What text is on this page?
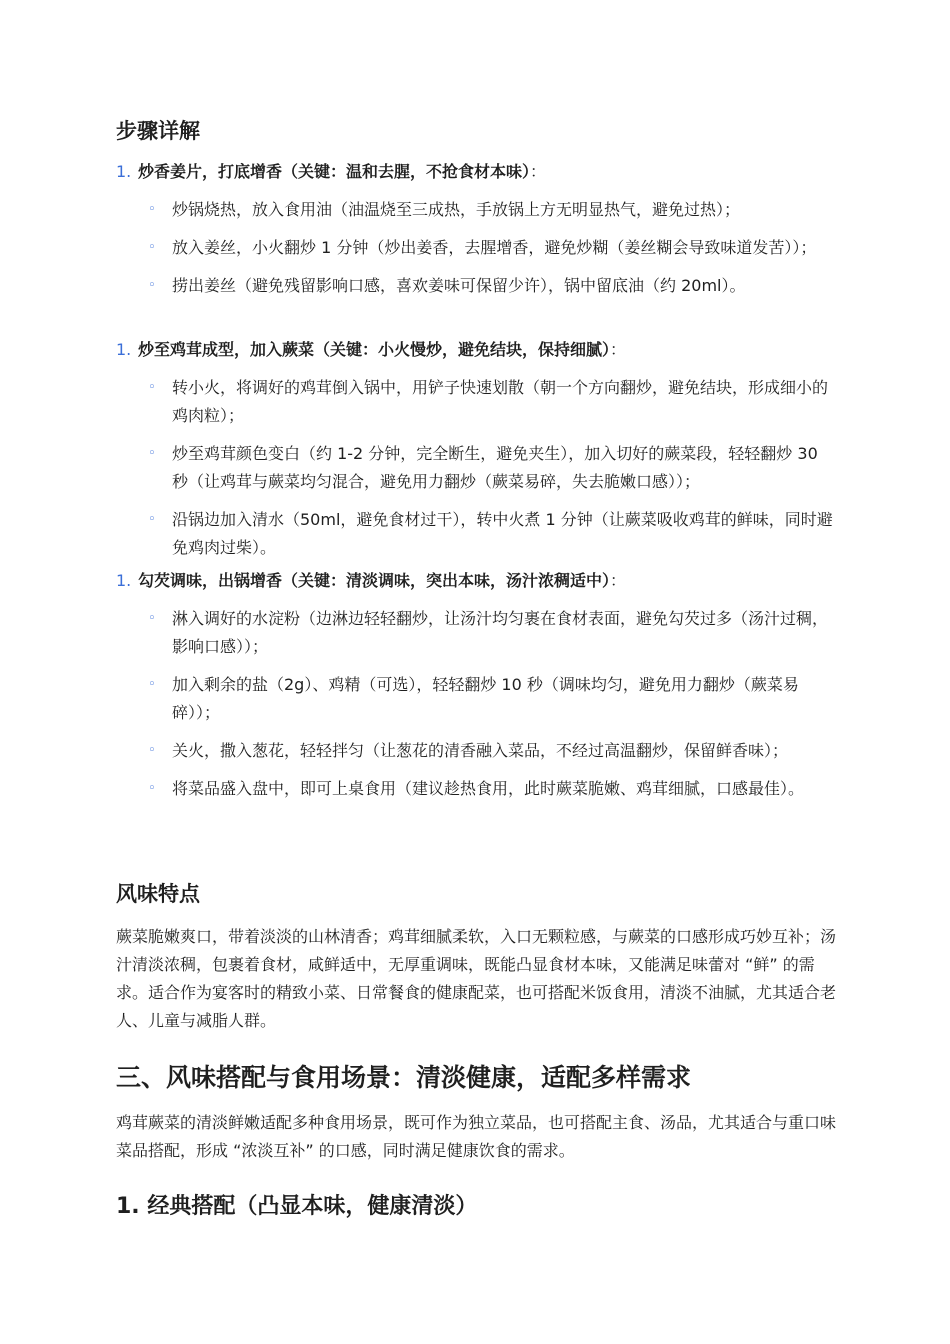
步骤详解
1. 炒香姜片，打底增香（关键：温和去腥，不抢食材本味）：
◦ 炒锅烧热，放入食用油（油温烧至三成热，手放锅上方无明显热气，避免过热）；
◦ 放入姜丝，小火翻炒 1 分钟（炒出姜香，去腥增香，避免炒糊（姜丝糊会导致味道发苦））；
◦ 捞出姜丝（避免残留影响口感，喜欢姜味可保留少许），锅中留底油（约 20ml）。
1. 炒至鸡茸成型，加入蕨菜（关键：小火慢炒，避免结块，保持细腻）：
◦ 转小火，将调好的鸡茸倒入锅中，用铲子快速划散（朝一个方向翻炒，避免结块，形成细小的鸡肉粒）；
◦ 炒至鸡茸颜色变白（约 1-2 分钟，完全断生，避免夹生），加入切好的蕨菜段，轻轻翻炒 30 秒（让鸡茸与蕨菜均匀混合，避免用力翻炒（蕨菜易碎，失去脆嫩口感））；
◦ 沿锅边加入清水（50ml，避免食材过干），转中火煮 1 分钟（让蕨菜吸收鸡茸的鲜味，同时避免鸡肉过柴）。
1. 勾芡调味，出锅增香（关键：清淡调味，突出本味，汤汁浓稠适中）：
◦ 淋入调好的水淀粉（边淋边轻轻翻炒，让汤汁均匀裹在食材表面，避免勾芡过多（汤汁过稠，影响口感））；
◦ 加入剩余的盐（2g）、鸡精（可选），轻轻翻炒 10 秒（调味均匀，避免用力翻炒（蕨菜易碎））；
◦ 关火，撒入葱花，轻轻拌匀（让葱花的清香融入菜品，不经过高温翻炒，保留鲜香味）；
◦ 将菜品盛入盘中，即可上桌食用（建议趁热食用，此时蕨菜脆嫩、鸡茸细腻，口感最佳）。
风味特点

蕨菜脆嫩爽口，带着淡淡的山林清香；鸡茸细腻柔软，入口无颗粒感，与蕨菜的口感形成巧妙互补；汤汁清淡浓稠，包裹着食材，咸鲜适中，无厚重调味，既能凸显食材本味，又能满足味蕾对 “鲜” 的需求。适合作为宴客时的精致小菜、日常餐食的健康配菜，也可搭配米饭食用，清淡不油腻，尤其适合老人、儿童与减脂人群。

三、风味搭配与食用场景：清淡健康，适配多样需求

鸡茸蕨菜的清淡鲜嫩适配多种食用场景，既可作为独立菜品，也可搭配主食、汤品，尤其适合与重口味菜品搭配，形成 “浓淡互补” 的口感，同时满足健康饮食的需求。

1. 经典搭配（凸显本味，健康清淡）
